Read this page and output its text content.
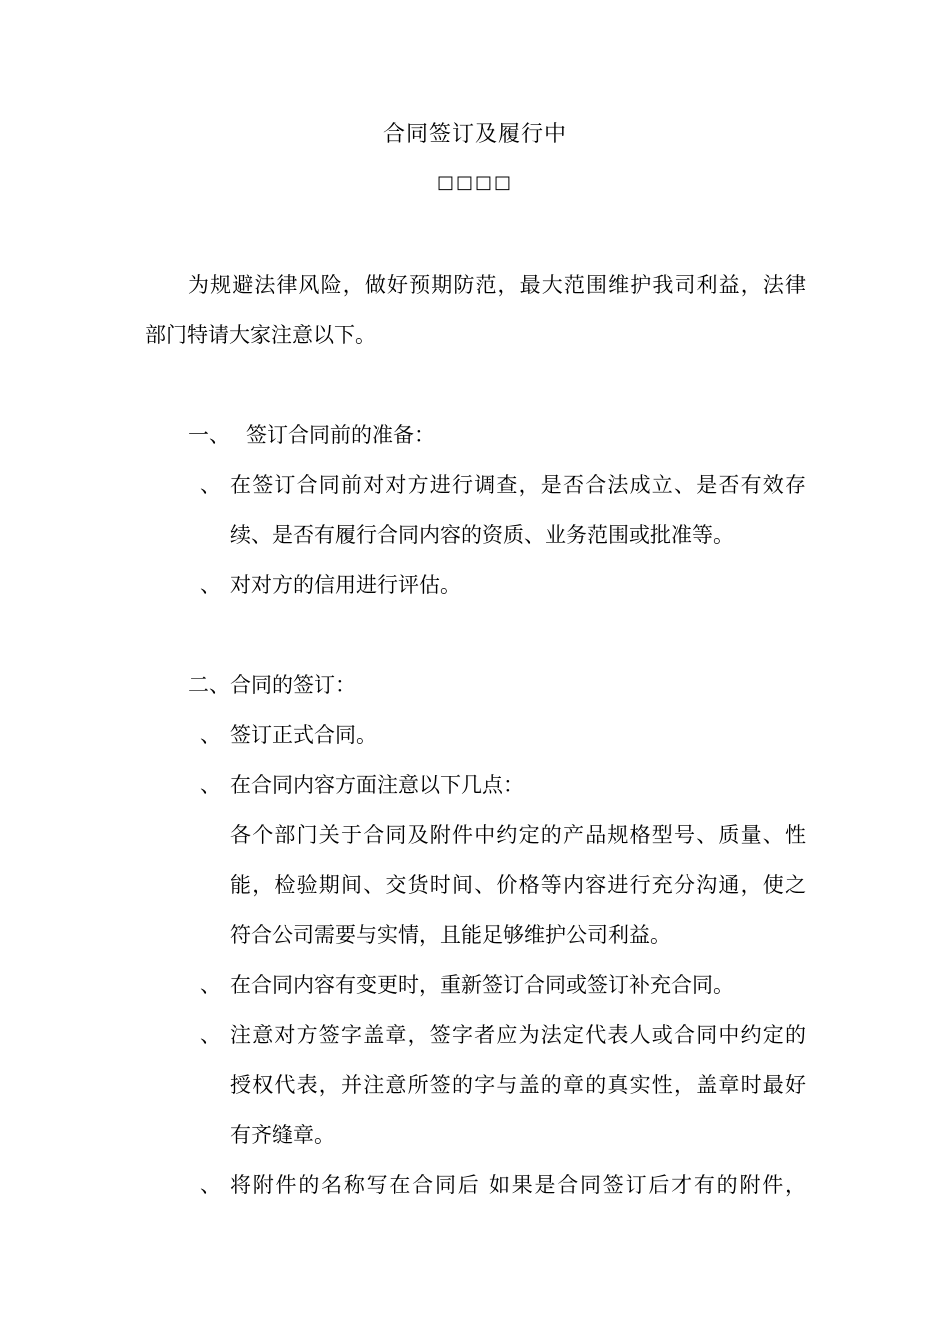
合同签订及履行中
□□□□
为规避法律风险，做好预期防范，最大范围维护我司利益，法律
部门特请大家注意以下。
一、 签订合同前的准备：
、 在签订合同前对对方进行调查，是否合法成立、是否有效存
续、是否有履行合同内容的资质、业务范围或批准等。
、 对对方的信用进行评估。
二、合同的签订：
、 签订正式合同。
、 在合同内容方面注意以下几点：
各个部门关于合同及附件中约定的产品规格型号、质量、性
能，检验期间、交货时间、价格等内容进行充分沟通，使之
符合公司需要与实情，且能足够维护公司利益。
、 在合同内容有变更时，重新签订合同或签订补充合同。
、 注意对方签字盖章，签字者应为法定代表人或合同中约定的
授权代表，并注意所签的字与盖的章的真实性，盖章时最好
有齐缝章。
、 将附件的名称写在合同后 如果是合同签订后才有的附件，
